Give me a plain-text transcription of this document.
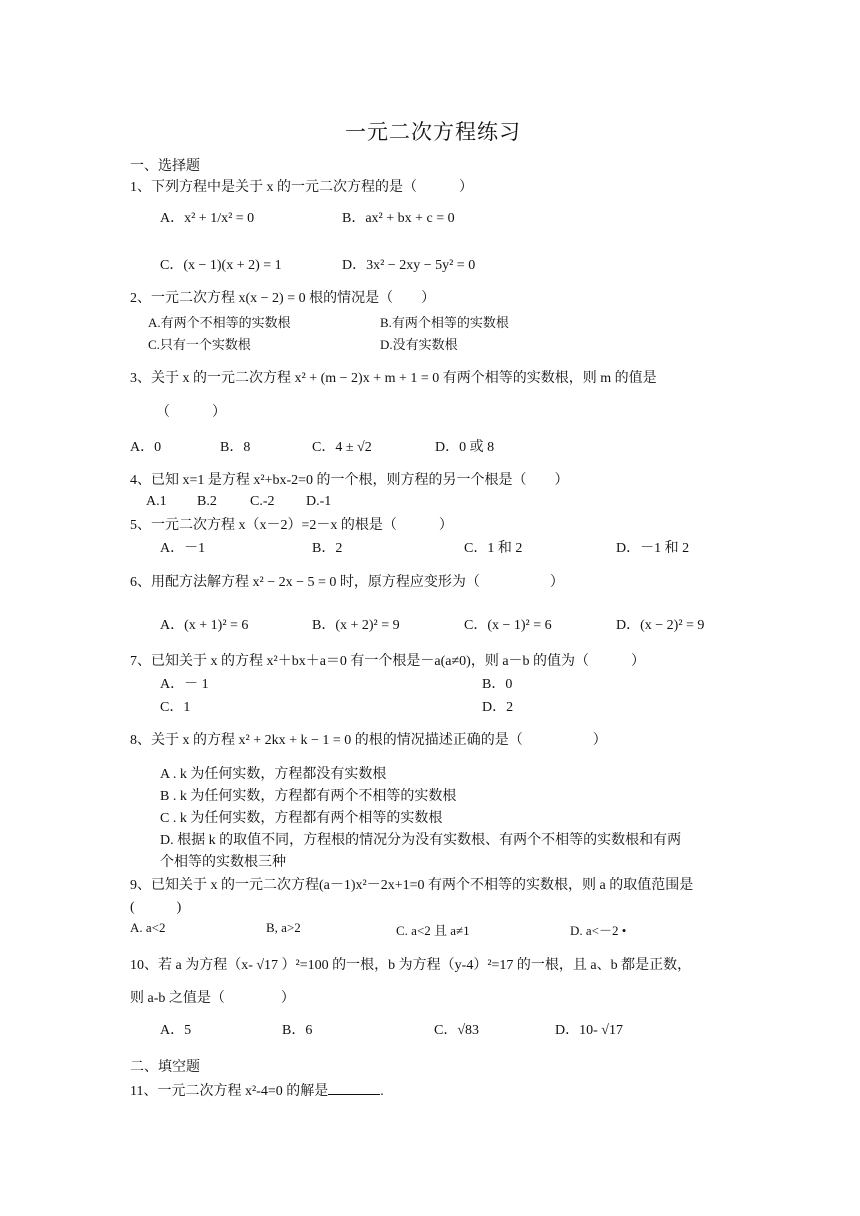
一元二次方程练习
一、选择题
1、下列方程中是关于 x 的一元二次方程的是（　　　）
A．x² + 1/x² = 0	B．ax² + bx + c = 0
C．(x − 1)(x + 2) = 1	D．3x² − 2xy − 5y² = 0
2、一元二次方程 x(x − 2) = 0 根的情况是（　　）
A.有两个不相等的实数根	B.有两个相等的实数根
C.只有一个实数根	D.没有实数根
3、关于 x 的一元二次方程 x² + (m − 2)x + m + 1 = 0 有两个相等的实数根，则 m 的值是
（　　　）
A．0	B．8	C．4 ± √2	D．0 或 8
4、已知 x=1 是方程 x²+bx-2=0 的一个根，则方程的另一个根是（　　）
A.1 B.2 C.-2 D.-1
5、一元二次方程 x（x－2）=2－x 的根是（　　　）
A．－1	B．2	C．1 和 2	D．－1 和 2
6、用配方法解方程 x² − 2x − 5 = 0 时，原方程应变形为（　　　　　）
A．(x + 1)² = 6	B．(x + 2)² = 9	C．(x − 1)² = 6	D．(x − 2)² = 9
7、已知关于 x 的方程 x²＋bx＋a＝0 有一个根是－a(a≠0)，则 a－b 的值为（　　　）
A．－ 1	B．0
C．1	D．2
8、关于 x 的方程 x² + 2kx + k − 1 = 0 的根的情况描述正确的是（　　　　　）
A . k 为任何实数，方程都没有实数根
B . k 为任何实数，方程都有两个不相等的实数根
C . k 为任何实数，方程都有两个相等的实数根
D. 根据 k 的取值不同，方程根的情况分为没有实数根、有两个不相等的实数根和有两
个相等的实数根三种
9、已知关于 x 的一元二次方程(a－1)x²－2x+1=0 有两个不相等的实数根，则 a 的取值范围是
(　　　)
A. a<2	B, a>2	C. a<2 且 a≠1	D. a<－2 •
10、若 a 为方程（x- √17 ）²=100 的一根，b 为方程（y-4）²=17 的一根，且 a、b 都是正数，
则 a-b 之值是（　　　　）
A．5	B．6	C．√83	D．10- √17
二、填空题
11、一元二次方程 x²-4=0 的解是	.
